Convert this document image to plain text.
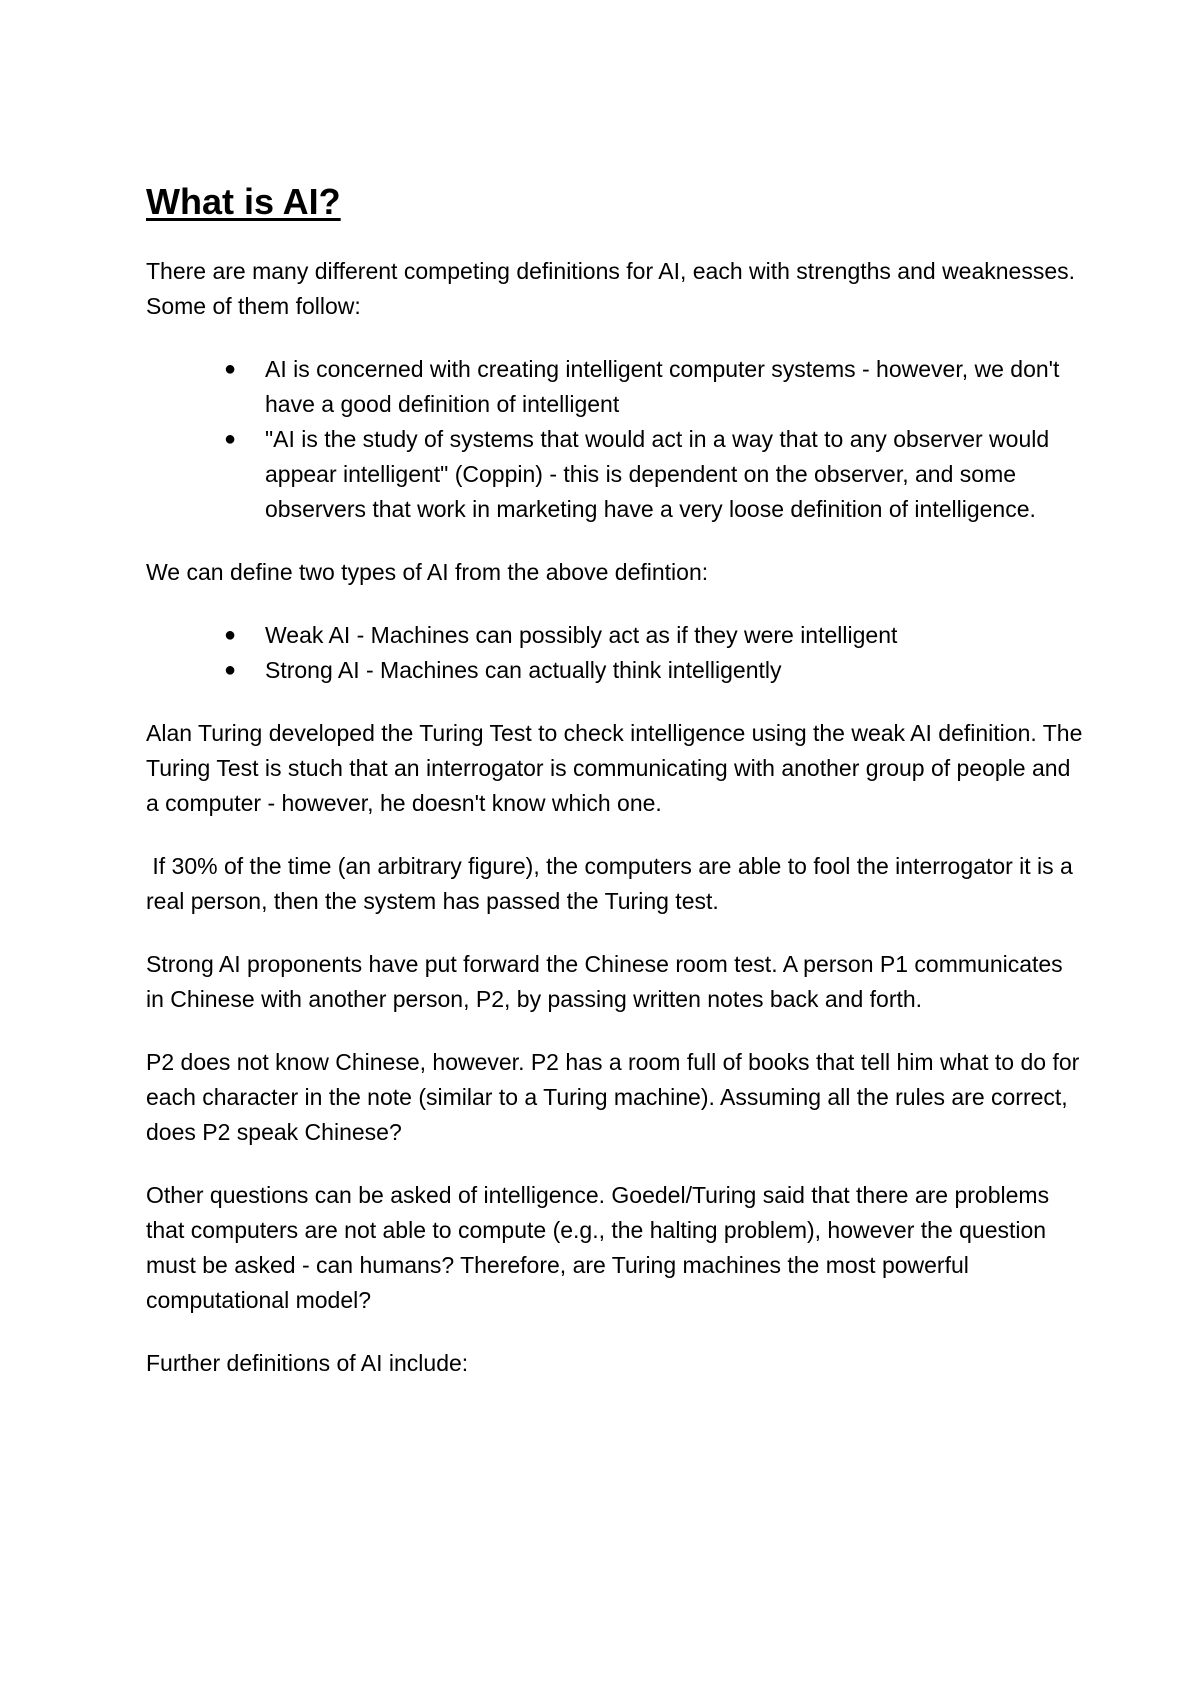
What is AI?

There are many different competing definitions for AI, each with strengths and weaknesses. Some of them follow:

● AI is concerned with creating intelligent computer systems - however, we don't have a good definition of intelligent
● "AI is the study of systems that would act in a way that to any observer would appear intelligent" (Coppin) - this is dependent on the observer, and some observers that work in marketing have a very loose definition of intelligence.

We can define two types of AI from the above defintion:

● Weak AI - Machines can possibly act as if they were intelligent
● Strong AI - Machines can actually think intelligently

Alan Turing developed the Turing Test to check intelligence using the weak AI definition. The Turing Test is stuch that an interrogator is communicating with another group of people and a computer - however, he doesn't know which one.

If 30% of the time (an arbitrary figure), the computers are able to fool the interrogator it is a real person, then the system has passed the Turing test.

Strong AI proponents have put forward the Chinese room test. A person P1 communicates in Chinese with another person, P2, by passing written notes back and forth.

P2 does not know Chinese, however. P2 has a room full of books that tell him what to do for each character in the note (similar to a Turing machine). Assuming all the rules are correct, does P2 speak Chinese?

Other questions can be asked of intelligence. Goedel/Turing said that there are problems that computers are not able to compute (e.g., the halting problem), however the question must be asked - can humans? Therefore, are Turing machines the most powerful computational model?

Further definitions of AI include:
